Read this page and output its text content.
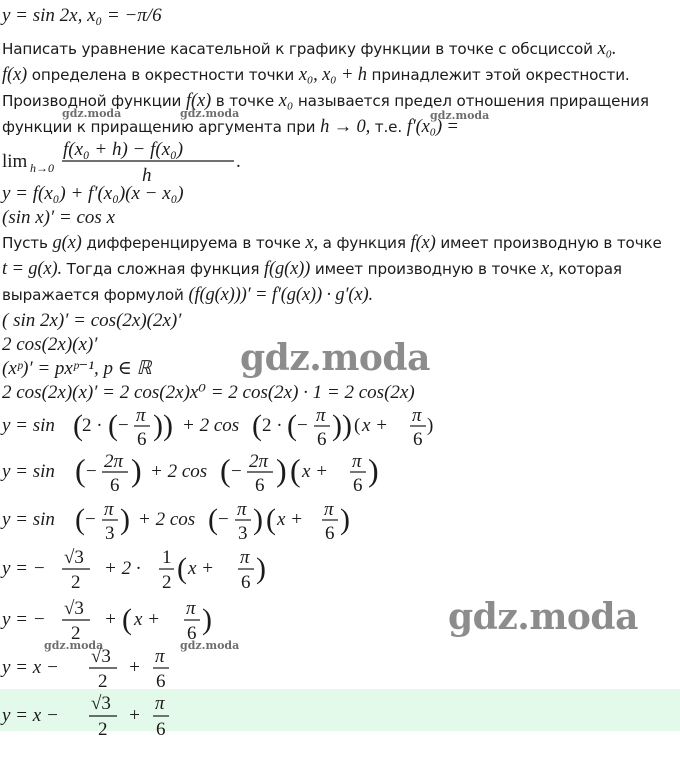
y = sin 2x, x₀ = −π/6
Написать уравнение касательной к графику функции в точке с обсциссой x₀.
f(x) определена в окрестности точки x₀, x₀ + h принадлежит этой окрестности.
Производной функции f(x) в точке x₀ называется предел отношения приращения
функции к приращению аргумента при h → 0, т.е. f′(x₀) =
lim h→0
f(x₀ + h) − f(x₀)
h
.
y = f(x₀) + f′(x₀)(x − x₀)
(sin x)′ = cos x
Пусть g(x) дифференцируема в точке x, а функция f(x) имеет производную в точке
t = g(x). Тогда сложная функция f(g(x)) имеет производную в точке x, которая
выражается формулой (f(g(x)))′ = f′(g(x)) · g′(x).
( sin 2x)′ = cos(2x)(2x)′
2 cos(2x)(x)′
(xᵖ)′ = pxᵖ⁻¹, p ∈ ℝ
2 cos(2x)(x)′ = 2 cos(2x)x⁰ = 2 cos(2x) · 1 = 2 cos(2x)
y = sin ( 2 · ( − π
6 ) ) + 2 cos ( 2 · ( − π
6 ) ) ( x + π
6
)
y = sin ( − 2π
6 ) + 2 cos ( − 2π
6 ) ( x + π
6 )
y = sin ( − π
3 ) + 2 cos ( − π
3 ) ( x + π
6 )
y = −
√3
2
+ 2 ·
1
2 ( x +
π
6 )
y = −
√3
2
+ ( x +
π
6 )
y = x −
√3
2
+
π
6
y = x −
√3
2
+
π
6
gdz.moda	gdz.moda	gdz.moda
gdz.moda
gdz.moda
gdz.moda	gdz.moda
